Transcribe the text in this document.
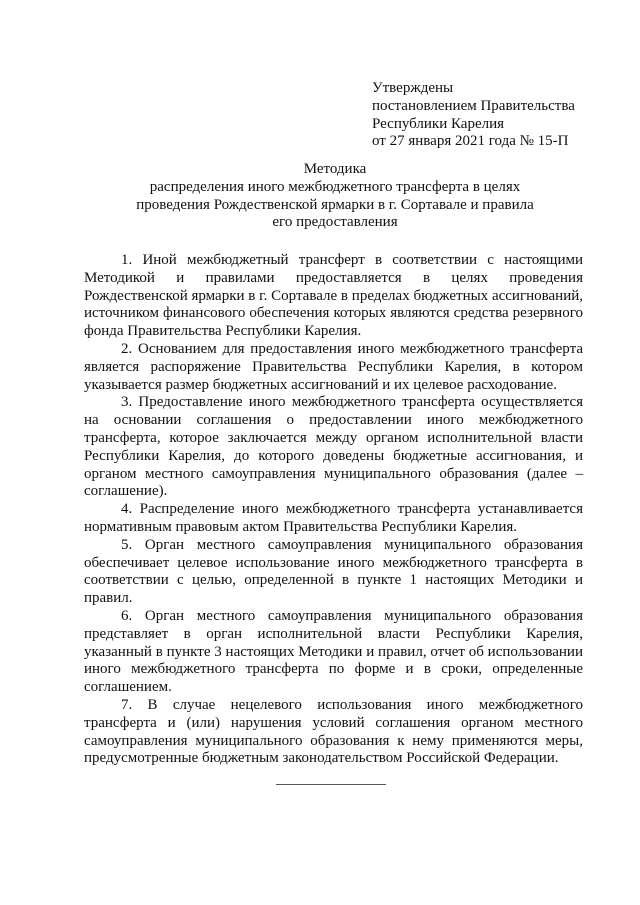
Утверждены
постановлением Правительства
Республики Карелия
от 27 января 2021 года № 15-П
Методика
распределения иного межбюджетного трансферта в целях
проведения Рождественской ярмарки в г. Сортавале и правила
его предоставления

1. Иной межбюджетный трансферт в соответствии с настоящими Методикой и правилами предоставляется в целях проведения Рождественской ярмарки в г. Сортавале в пределах бюджетных ассигнований, источником финансового обеспечения которых являются средства резервного фонда Правительства Республики Карелия.

2. Основанием для предоставления иного межбюджетного трансферта является распоряжение Правительства Республики Карелия, в котором указывается размер бюджетных ассигнований и их целевое расходование.

3. Предоставление иного межбюджетного трансферта осуществляется на основании соглашения о предоставлении иного межбюджетного трансферта, которое заключается между органом исполнительной власти Республики Карелия, до которого доведены бюджетные ассигнования, и органом местного самоуправления муниципального образования (далее – соглашение).

4. Распределение иного межбюджетного трансферта устанавливается нормативным правовым актом Правительства Республики Карелия.

5. Орган местного самоуправления муниципального образования обеспечивает целевое использование иного межбюджетного трансферта в соответствии с целью, определенной в пункте 1 настоящих Методики и правил.

6. Орган местного самоуправления муниципального образования представляет в орган исполнительной власти Республики Карелия, указанный в пункте 3 настоящих Методики и правил, отчет об использовании иного межбюджетного трансферта по форме и в сроки, определенные соглашением.

7. В случае нецелевого использования иного межбюджетного трансферта и (или) нарушения условий соглашения органом местного самоуправления муниципального образования к нему применяются меры, предусмотренные бюджетным законодательством Российской Федерации.
